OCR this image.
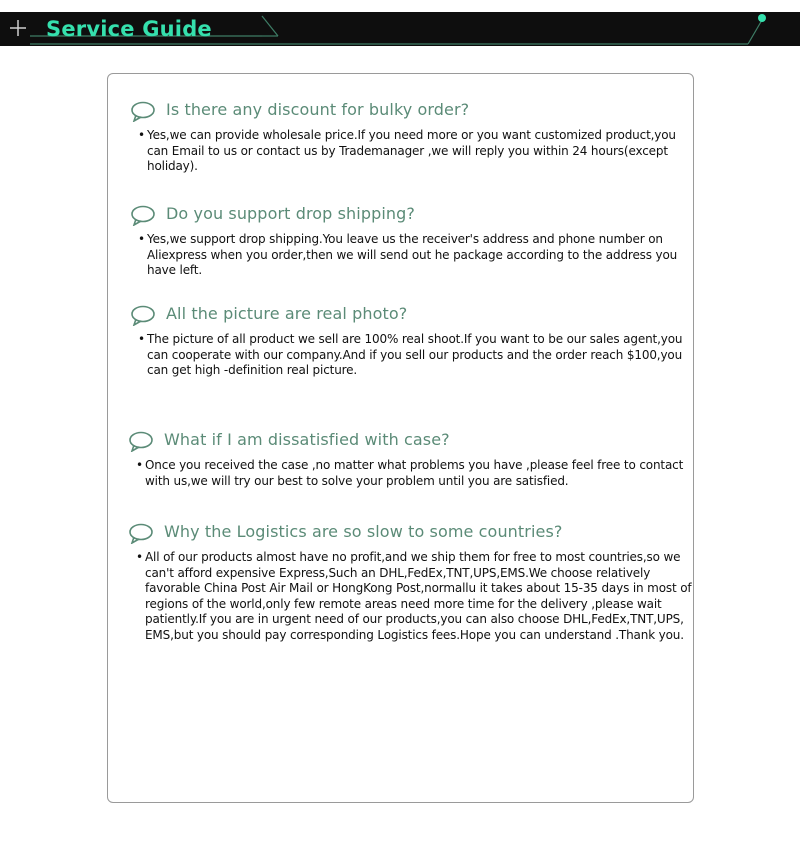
Service Guide
Is there any discount for bulky order?
• Yes,we can provide wholesale price.If you need more or you want customized product,you can Email to us or contact us by Trademanager ,we will reply you within 24 hours(except holiday).
Do you support drop shipping?
• Yes,we support drop shipping.You leave us the receiver's address and phone number on Aliexpress when you order,then we will send out he package according to the address you have left.
All the picture are real photo?
• The picture of all product we sell are 100% real shoot.If you want to be our sales agent,you can cooperate with our company.And if you sell our products and the order reach $100,you can get high -definition real picture.
What if I am dissatisfied with case?
• Once you received the case ,no matter what problems you have ,please feel free to contact with us,we will try our best to solve your problem until you are satisfied.
Why the Logistics are so slow to some countries?
• All of our products almost have no profit,and we ship them for free to most countries,so we can't afford expensive Express,Such an DHL,FedEx,TNT,UPS,EMS.We choose relatively favorable China Post Air Mail or HongKong Post,normallu it takes about 15-35 days in most of regions of the world,only few remote areas need more time for the delivery ,please wait patiently.If you are in urgent need of our products,you can also choose DHL,FedEx,TNT,UPS, EMS,but you should pay corresponding Logistics fees.Hope you can understand .Thank you.
